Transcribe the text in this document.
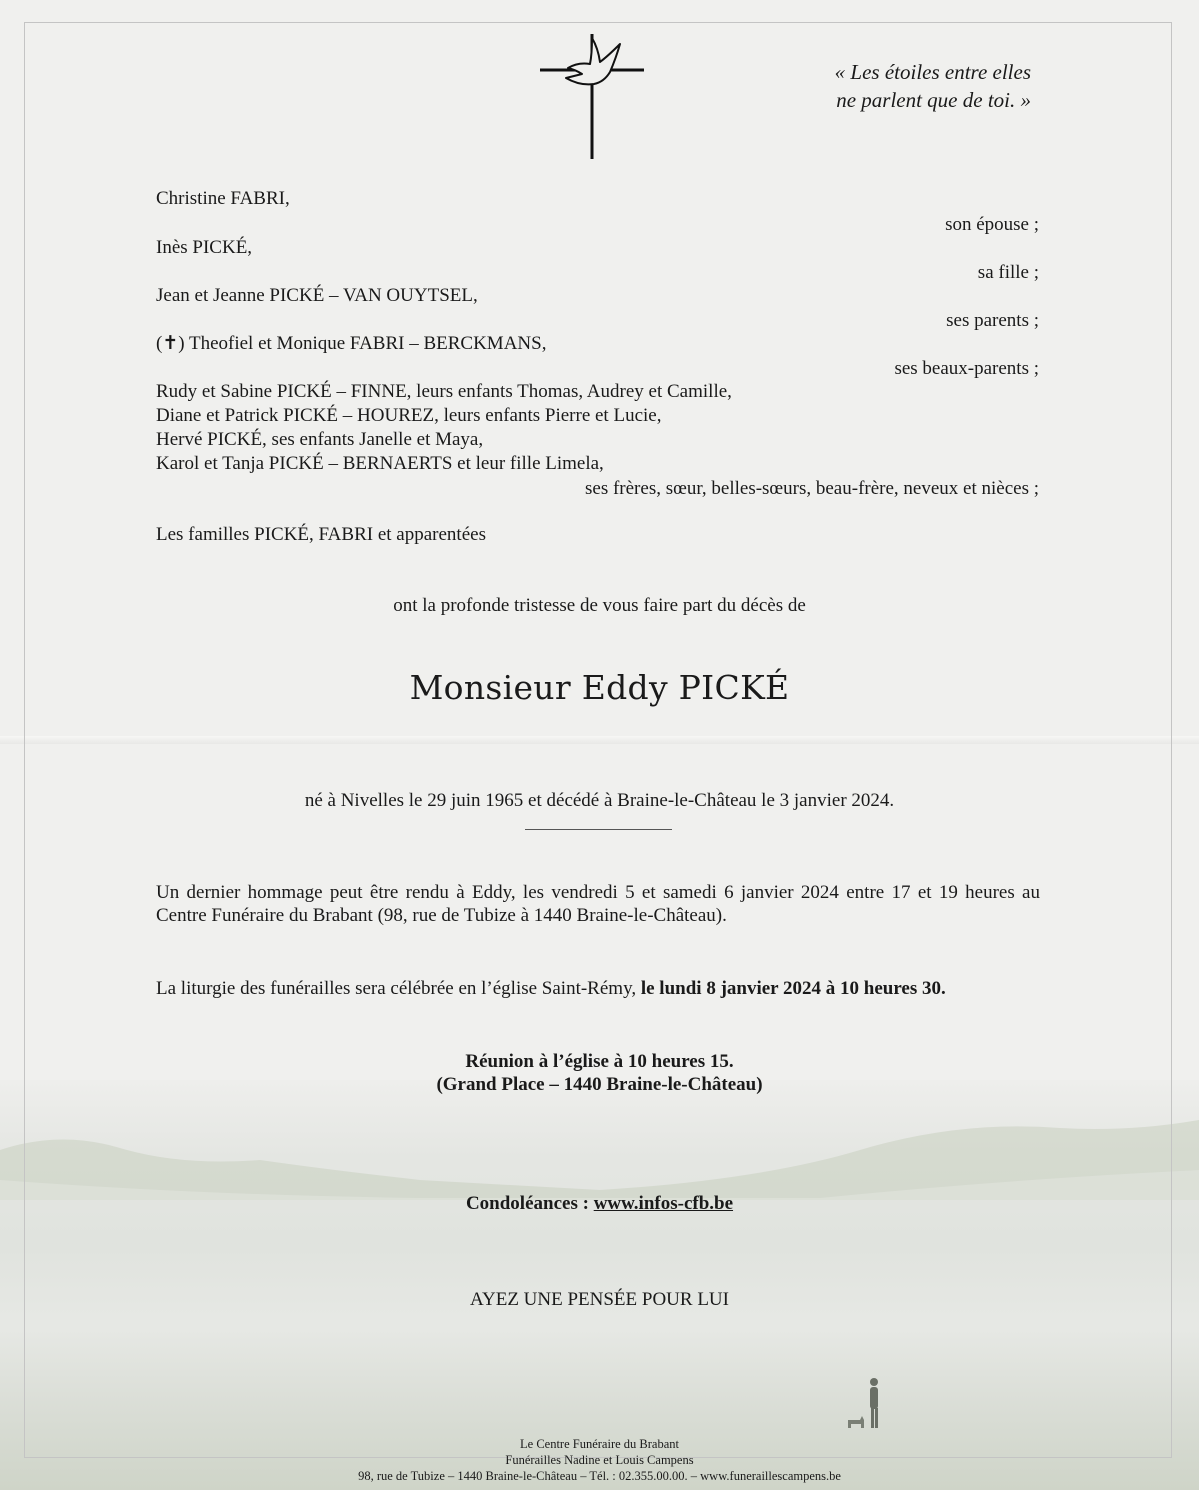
« Les étoiles entre elles
ne parlent que de toi. »
Christine FABRI,
son épouse ;
Inès PICKÉ,
sa fille ;
Jean et Jeanne PICKÉ – VAN OUYTSEL,
ses parents ;
(✝) Theofiel et Monique FABRI – BERCKMANS,
ses beaux-parents ;
Rudy et Sabine PICKÉ – FINNE, leurs enfants Thomas, Audrey et Camille,
Diane et Patrick PICKÉ – HOUREZ, leurs enfants Pierre et Lucie,
Hervé PICKÉ, ses enfants Janelle et Maya,
Karol et Tanja PICKÉ – BERNAERTS et leur fille Limela,
ses frères, sœur, belles-sœurs, beau-frère, neveux et nièces ;
Les familles PICKÉ, FABRI et apparentées
ont la profonde tristesse de vous faire part du décès de
Monsieur Eddy PICKÉ
né à Nivelles le 29 juin 1965 et décédé à Braine-le-Château le 3 janvier 2024.
Un dernier hommage peut être rendu à Eddy, les vendredi 5 et samedi 6 janvier 2024 entre 17 et 19 heures au Centre Funéraire du Brabant (98, rue de Tubize à 1440 Braine-le-Château).
La liturgie des funérailles sera célébrée en l’église Saint-Rémy, le lundi 8 janvier 2024 à 10 heures 30.
Réunion à l’église à 10 heures 15.
(Grand Place – 1440 Braine-le-Château)
Condoléances : www.infos-cfb.be
AYEZ UNE PENSÉE POUR LUI
Le Centre Funéraire du Brabant
Funérailles Nadine et Louis Campens
98, rue de Tubize – 1440 Braine-le-Château – Tél. : 02.355.00.00. – www.funeraillescampens.be
